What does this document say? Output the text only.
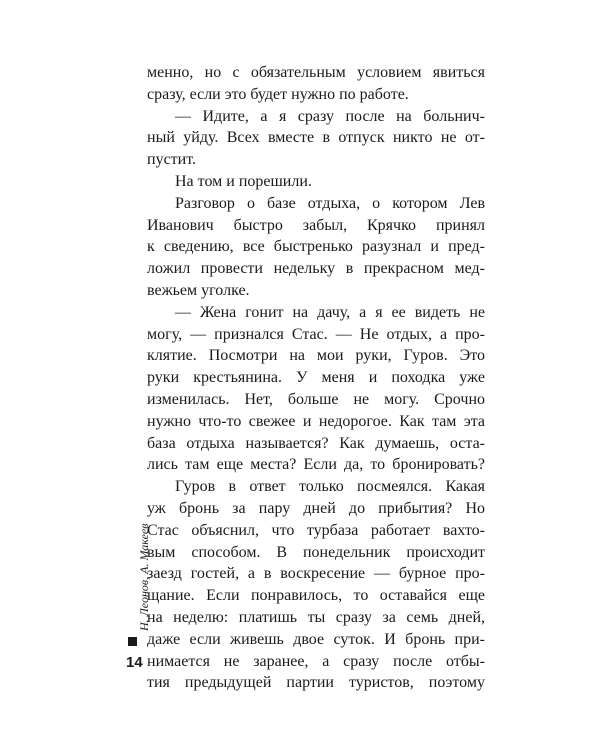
менно, но с обязательным условием явиться
сразу, если это будет нужно по работе.
— Идите, а я сразу после на больнич-
ный уйду. Всех вместе в отпуск никто не от-
пустит.
На том и порешили.
Разговор о базе отдыха, о котором Лев
Иванович быстро забыл, Крячко принял
к сведению, все быстренько разузнал и пред-
ложил провести недельку в прекрасном мед-
вежьем уголке.
— Жена гонит на дачу, а я ее видеть не
могу, — признался Стас. — Не отдых, а про-
клятие. Посмотри на мои руки, Гуров. Это
руки крестьянина. У меня и походка уже
изменилась. Нет, больше не могу. Срочно
нужно что-то свежее и недорогое. Как там эта
база отдыха называется? Как думаешь, оста-
лись там еще места? Если да, то бронировать?
Гуров в ответ только посмеялся. Какая
уж бронь за пару дней до прибытия? Но
Стас объяснил, что турбаза работает вахто-
вым способом. В понедельник происходит
заезд гостей, а в воскресение — бурное про-
щание. Если понравилось, то оставайся еще
на неделю: платишь ты сразу за семь дней,
даже если живешь двое суток. И бронь при-
нимается не заранее, а сразу после отбы-
тия предыдущей партии туристов, поэтому
Н. Леонов, А. Макеев
14
